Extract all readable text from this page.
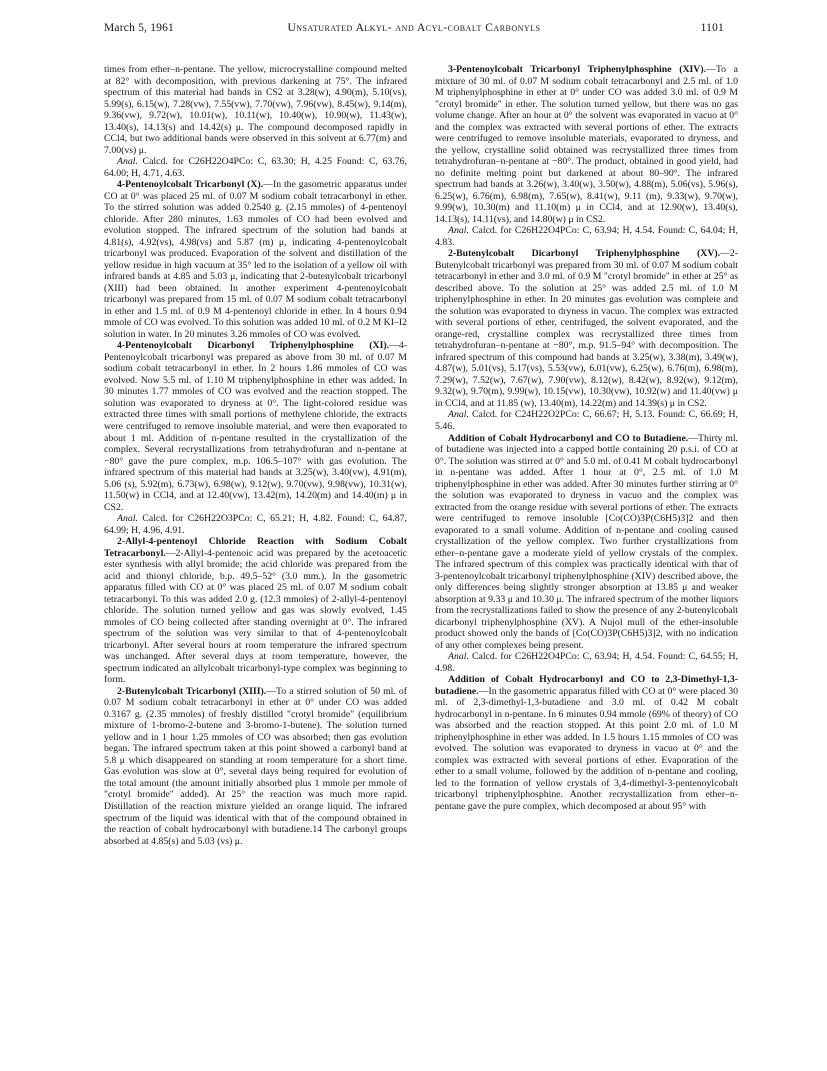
March 5, 1961	Unsaturated Alkyl- and Acyl-cobalt Carbonyls	1101

times from ether–n-pentane. The yellow, microcrystalline compound melted at 82° with decomposition, with previous darkening at 75°. The infrared spectrum of this material had bands in CS2 at 3.28(w), 4.90(m), 5.10(vs), 5.99(s), 6.15(w), 7.28(vw), 7.55(vw), 7.70(vw), 7.96(vw), 8.45(w), 9.14(m), 9.36(vw), 9.72(w), 10.01(w), 10.11(w), 10.40(w), 10.90(w), 11.43(w), 13.40(s), 14.13(s) and 14.42(s) μ. The compound decomposed rapidly in CCl4, but two additional bands were observed in this solvent at 6.77(m) and 7.00(vs) μ.

Anal. Calcd. for C26H22O4PCo: C, 63.30; H, 4.25 Found: C, 63.76, 64.00; H, 4.71, 4.63.

4-Pentenoylcobalt Tricarbonyl (X).—In the gasometric apparatus under CO at 0° was placed 25 ml. of 0.07 M sodium cobalt tetracarbonyl in ether. To the stirred solution was added 0.2540 g. (2.15 mmoles) of 4-pentenoyl chloride. After 280 minutes, 1.63 mmoles of CO had been evolved and evolution stopped. The infrared spectrum of the solution had bands at 4.81(s), 4.92(vs), 4.98(vs) and 5.87 (m) μ, indicating 4-pentenoylcobalt tricarbonyl was produced. Evaporation of the solvent and distillation of the yellow residue in high vacuum at 35° led to the isolation of a yellow oil with infrared bands at 4.85 and 5.03 μ, indicating that 2-butenylcobalt tricarbonyl (XIII) had been obtained. In another experiment 4-pentenoylcobalt tricarbonyl was prepared from 15 ml. of 0.07 M sodium cobalt tetracarbonyl in ether and 1.5 ml. of 0.9 M 4-pentenoyl chloride in ether. In 4 hours 0.94 mmole of CO was evolved. To this solution was added 10 ml. of 0.2 M KI–I2 solution in water. In 20 minutes 3.26 mmoles of CO was evolved.

4-Pentenoylcobalt Dicarbonyl Triphenylphosphine (XI).—4-Pentenoylcobalt tricarbonyl was prepared as above from 30 ml. of 0.07 M sodium cobalt tetracarbonyl in ether. In 2 hours 1.86 mmoles of CO was evolved. Now 5.5 ml. of 1.10 M triphenylphosphine in ether was added. In 30 minutes 1.77 mmoles of CO was evolved and the reaction stopped. The solution was evaporated to dryness at 0°. The light-colored residue was extracted three times with small portions of methylene chloride, the extracts were centrifuged to remove insoluble material, and were then evaporated to about 1 ml. Addition of n-pentane resulted in the crystallization of the complex. Several recrystallizations from tetrahydrofuran and n-pentane at −80° gave the pure complex, m.p. 106.5–107° with gas evolution. The infrared spectrum of this material had bands at 3.25(w), 3.40(vw), 4.91(m), 5.06 (s), 5.92(m), 6.73(w), 6.98(w), 9.12(w), 9.70(vw), 9.98(vw), 10.31(w), 11.50(w) in CCl4, and at 12.40(vw), 13.42(m), 14.20(m) and 14.40(m) μ in CS2.

Anal. Calcd. for C26H22O3PCo: C, 65.21; H, 4.82. Found: C, 64.87, 64.99; H, 4.96, 4.91.

2-Allyl-4-pentenoyl Chloride Reaction with Sodium Cobalt Tetracarbonyl.—2-Allyl-4-pentenoic acid was prepared by the acetoacetic ester synthesis with allyl bromide; the acid chloride was prepared from the acid and thionyl chloride, b.p. 49.5–52° (3.0 mm.). In the gasometric apparatus filled with CO at 0° was placed 25 ml. of 0.07 M sodium cobalt tetracarbonyl. To this was added 2.0 g. (12.3 mmoles) of 2-allyl-4-pentenoyl chloride. The solution turned yellow and gas was slowly evolved, 1.45 mmoles of CO being collected after standing overnight at 0°. The infrared spectrum of the solution was very similar to that of 4-pentenoylcobalt tricarbonyl. After several hours at room temperature the infrared spectrum was unchanged. After several days at room temperature, however, the spectrum indicated an allylcobalt tricarbonyl-type complex was beginning to form.

2-Butenylcobalt Tricarbonyl (XIII).—To a stirred solution of 50 ml. of 0.07 M sodium cobalt tetracarbonyl in ether at 0° under CO was added 0.3167 g. (2.35 mmoles) of freshly distilled "crotyl bromide" (equilibrium mixture of 1-bromo-2-butene and 3-bromo-1-butene). The solution turned yellow and in 1 hour 1.25 mmoles of CO was absorbed; then gas evolution began. The infrared spectrum taken at this point showed a carbonyl band at 5.8 μ which disappeared on standing at room temperature for a short time. Gas evolution was slow at 0°, several days being required for evolution of the total amount (the amount initially absorbed plus 1 mmole per mmole of "crotyl bromide" added). At 25° the reaction was much more rapid. Distillation of the reaction mixture yielded an orange liquid. The infrared spectrum of the liquid was identical with that of the compound obtained in the reaction of cobalt hydrocarbonyl with butadiene.14 The carbonyl groups absorbed at 4.85(s) and 5.03 (vs) μ.

3-Pentenoylcobalt Tricarbonyl Triphenylphosphine (XIV).—To a mixture of 30 ml. of 0.07 M sodium cobalt tetracarbonyl and 2.5 ml. of 1.0 M triphenylphosphine in ether at 0° under CO was added 3.0 ml. of 0.9 M "crotyl bromide" in ether. The solution turned yellow, but there was no gas volume change. After an hour at 0° the solvent was evaporated in vacuo at 0° and the complex was extracted with several portions of ether. The extracts were centrifuged to remove insoluble materials, evaporated to dryness, and the yellow, crystalline solid obtained was recrystallized three times from tetrahydrofuran–n-pentane at −80°. The product, obtained in good yield, had no definite melting point but darkened at about 80–90°. The infrared spectrum had bands at 3.26(w), 3.40(w), 3.50(w), 4.88(m), 5.06(vs), 5.96(s), 6.25(w), 6.76(m), 6.98(m), 7.65(w), 8.41(w), 9.11 (m), 9.33(w), 9.70(w), 9.99(w), 10.30(m) and 11.10(m) μ in CCl4, and at 12.90(w), 13.40(s), 14.13(s), 14.11(vs), and 14.80(w) μ in CS2.

Anal. Calcd. for C26H22O4PCo: C, 63.94; H, 4.54. Found: C, 64.04; H, 4.83.

2-Butenylcobalt Dicarbonyl Triphenylphosphine (XV).—2-Butenylcobalt tricarbonyl was prepared from 30 ml. of 0.07 M sodium cobalt tetracarbonyl in ether and 3.0 ml. of 0.9 M "crotyl bromide" in ether at 25° as described above. To the solution at 25° was added 2.5 ml. of 1.0 M triphenylphosphine in ether. In 20 minutes gas evolution was complete and the solution was evaporated to dryness in vacuo. The complex was extracted with several portions of ether, centrifuged, the solvent evaporated, and the orange-red, crystalline complex was recrystallized three times from tetrahydrofuran–n-pentane at −80°, m.p. 91.5–94° with decomposition. The infrared spectrum of this compound had bands at 3.25(w), 3.38(m), 3.49(w), 4.87(w), 5.01(vs), 5.17(vs), 5.53(vw), 6.01(vw), 6.25(w), 6.76(m), 6.98(m), 7.29(w), 7.52(w), 7.67(w), 7.90(vw), 8.12(w), 8.42(w), 8.92(w), 9.12(m), 9.32(w), 9.70(m), 9.99(w), 10.15(vw), 10.30(vw), 10.92(w) and 11.40(vw) μ in CCl4, and at 11.85 (w), 13.40(m), 14.22(m) and 14.39(s) μ in CS2.

Anal. Calcd. for C24H22O2PCo: C, 66.67; H, 5.13. Found: C, 66.69; H, 5.46.

Addition of Cobalt Hydrocarbonyl and CO to Butadiene.—Thirty ml. of butadiene was injected into a capped bottle containing 20 p.s.i. of CO at 0°. The solution was stirred at 0° and 5.0 ml. of 0.41 M cobalt hydrocarbonyl in n-pentane was added. After 1 hour at 0°, 2.5 ml. of 1.0 M triphenylphosphine in ether was added. After 30 minutes further stirring at 0° the solution was evaporated to dryness in vacuo and the complex was extracted from the orange residue with several portions of ether. The extracts were centrifuged to remove insoluble [Co(CO)3P(C6H5)3]2 and then evaporated to a small volume. Addition of n-pentane and cooling caused crystallization of the yellow complex. Two further crystallizations from ether–n-pentane gave a moderate yield of yellow crystals of the complex. The infrared spectrum of this complex was practically identical with that of 3-pentenoylcobalt tricarbonyl triphenylphosphine (XIV) described above, the only differences being slightly stronger absorption at 13.85 μ and weaker absorption at 9.33 μ and 10.30 μ. The infrared spectrum of the mother liquors from the recrystallizations failed to show the presence of any 2-butenylcobalt dicarbonyl triphenylphosphine (XV). A Nujol mull of the ether-insoluble product showed only the bands of [Co(CO)3P(C6H5)3]2, with no indication of any other complexes being present.

Anal. Calcd. for C26H22O4PCo: C, 63.94; H, 4.54. Found: C, 64.55; H, 4.98.

Addition of Cobalt Hydrocarbonyl and CO to 2,3-Dimethyl-1,3-butadiene.—In the gasometric apparatus filled with CO at 0° were placed 30 ml. of 2,3-dimethyl-1,3-butadiene and 3.0 ml. of 0.42 M cobalt hydrocarbonyl in n-pentane. In 6 minutes 0.94 mmole (69% of theory) of CO was absorbed and the reaction stopped. At this point 2.0 ml. of 1.0 M triphenylphosphine in ether was added. In 1.5 hours 1.15 mmoles of CO was evolved. The solution was evaporated to dryness in vacuo at 0° and the complex was extracted with several portions of ether. Evaporation of the ether to a small volume, followed by the addition of n-pentane and cooling, led to the formation of yellow crystals of 3,4-dimethyl-3-pentenoylcobalt tricarbonyl triphenylphosphine. Another recrystallization from ether–n-pentane gave the pure complex, which decomposed at about 95° with
